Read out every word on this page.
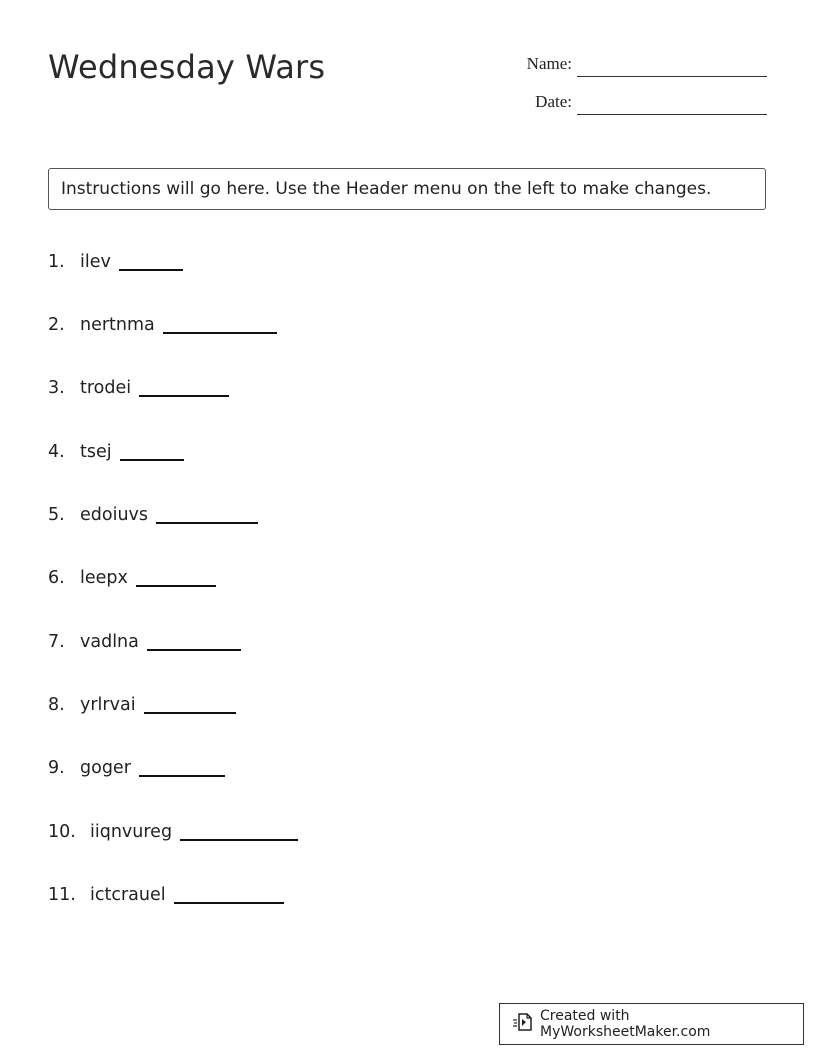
Wednesday Wars	Name:
Date:
Instructions will go here. Use the Header menu on the left to make changes.
1. ilev
2. nertnma
3. trodei
4. tsej
5. edoiuvs
6. leepx
7. vadlna
8. yrlrvai
9. goger
10. iiqnvureg
11. ictcrauel
Created with MyWorksheetMaker.com
